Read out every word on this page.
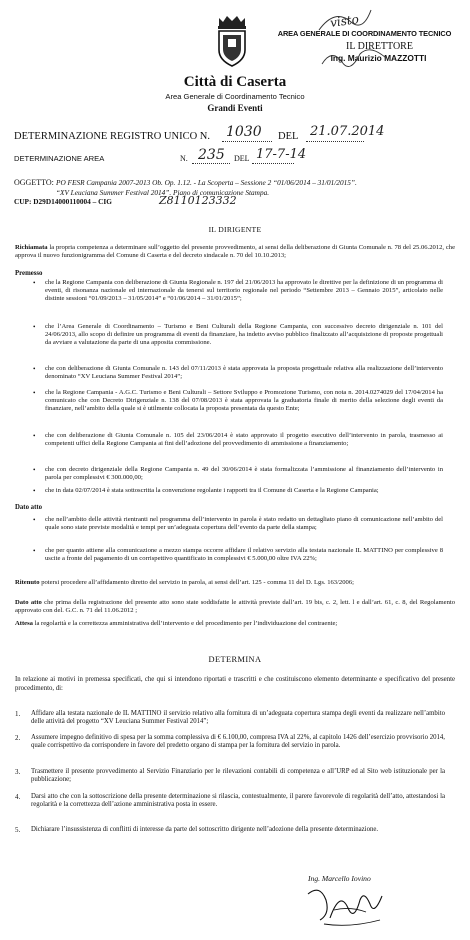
visto
AREA GENERALE DI COORDINAMENTO TECNICO
IL DIRETTORE
Ing. Maurizio MAZZOTTI
Città di Caserta
Area Generale di Coordinamento Tecnico
Grandi Eventi
DETERMINAZIONE REGISTRO UNICO N. 1030 DEL 21.07.2014
DETERMINAZIONE AREA	N. 235 DEL 17-7-14
OGGETTO: PO FESR Campania 2007-2013 Ob. Op. 1.12. - La Scoperta – Sessione 2 “01/06/2014 – 31/01/2015”.
“XV Leuciana Summer Festival 2014”. Piano di comunicazione Stampa.
CUP: D29D14000110004 – CIG	Z8110123332
IL DIRIGENTE
Richiamata la propria competenza a determinare sull’oggetto del presente provvedimento, ai sensi della deliberazione di Giunta Comunale n. 78 del 25.06.2012, che approva il nuovo funzionigramma del Comune di Caserta e del decreto sindacale n. 70 del 10.10.2013;
Premesso
• che la Regione Campania con deliberazione di Giunta Regionale n. 197 del 21/06/2013 ha approvato le direttive per la definizione di un programma di eventi, di risonanza nazionale ed internazionale da tenersi sul territorio regionale nel periodo “Settembre 2013 – Gennaio 2015”, articolato nelle distinte sessioni “01/09/2013 – 31/05/2014” e “01/06/2014 – 31/01/2015”;
• che l’Area Generale di Coordinamento – Turismo e Beni Culturali della Regione Campania, con successivo decreto dirigenziale n. 101 del 24/06/2013, allo scopo di definire un programma di eventi da finanziare, ha indetto avviso pubblico finalizzato all’acquisizione di proposte progettuali da avviare a valutazione da parte di una apposita commissione.
• che con deliberazione di Giunta Comunale n. 143 del 07/11/2013 è stata approvata la proposta progettuale relativa alla realizzazione dell’intervento denominato “XV Leuciana Summer Festival 2014”;
• che la Regione Campania - A.G.C. Turismo e Beni Culturali – Settore Sviluppo e Promozione Turismo, con nota n. 2014.0274029 del 17/04/2014 ha comunicato che con Decreto Dirigenziale n. 138 del 07/08/2013 è stata approvata la graduatoria finale di merito della selezione degli eventi da finanziare, nell’ambito della quale si è utilmente collocata la proposta presentata da questo Ente;
• che con deliberazione di Giunta Comunale n. 105 del 23/06/2014 è stato approvato il progetto esecutivo dell’intervento in parola, trasmesso ai competenti uffici della Regione Campania ai fini dell’adozione del provvedimento di ammissione a finanziamento;
• che con decreto dirigenziale della Regione Campania n. 49 del 30/06/2014 è stata formalizzata l’ammissione al finanziamento dell’intervento in parola per complessivi € 300.000,00;
• che in data 02/07/2014 è stata sottoscritta la convenzione regolante i rapporti tra il Comune di Caserta e la Regione Campania;
Dato atto
• che nell’ambito delle attività rientranti nel programma dell’intervento in parola è stato redatto un dettagliato piano di comunicazione nell’ambito del quale sono state previste modalità e tempi per un’adeguata copertura dell’evento da parte della stampa;
• che per quanto attiene alla comunicazione a mezzo stampa occorre affidare il relativo servizio alla testata nazionale IL MATTINO per complessive 8 uscite a fronte del pagamento di un corrispettivo quantificato in complessivi € 5.000,00 oltre IVA 22%;
Ritenuto potersi procedere all’affidamento diretto del servizio in parola, ai sensi dell’art. 125 - comma 11 del D. Lgs. 163/2006;
Dato atto che prima della registrazione del presente atto sono state soddisfatte le attività previste dall’art. 19 bis, c. 2, lett. l e dall’art. 61, c. 8, del Regolamento approvato con del. G.C. n. 71 del 11.06.2012 ;
Attesa la regolarità e la correttezza amministrativa dell’intervento e del procedimento per l’individuazione del contraente;
DETERMINA
In relazione ai motivi in premessa specificati, che qui si intendono riportati e trascritti e che costituiscono elemento determinante e specificativo del presente procedimento, di:
1. Affidare alla testata nazionale de IL MATTINO il servizio relativo alla fornitura di un’adeguata copertura stampa degli eventi da realizzare nell’ambito delle attività del progetto “XV Leuciana Summer Festival 2014”;
2. Assumere impegno definitivo di spesa per la somma complessiva di € 6.100,00, compresa IVA al 22%, al capitolo 1426 dell’esercizio provvisorio 2014, quale corrispettivo da corrispondere in favore del predetto organo di stampa per la fornitura del servizio in parola.
3. Trasmettere il presente provvedimento al Servizio Finanziario per le rilevazioni contabili di competenza e all’URP ed al Sito web istituzionale per la pubblicazione;
4. Darsi atto che con la sottoscrizione della presente determinazione si rilascia, contestualmente, il parere favorevole di regolarità dell’atto, attestandosi la regolarità e la correttezza dell’azione amministrativa posta in essere.
5. Dichiarare l’insussistenza di conflitti di interesse da parte del sottoscritto dirigente nell’adozione della presente determinazione.
Ing. Marcello Iovino
